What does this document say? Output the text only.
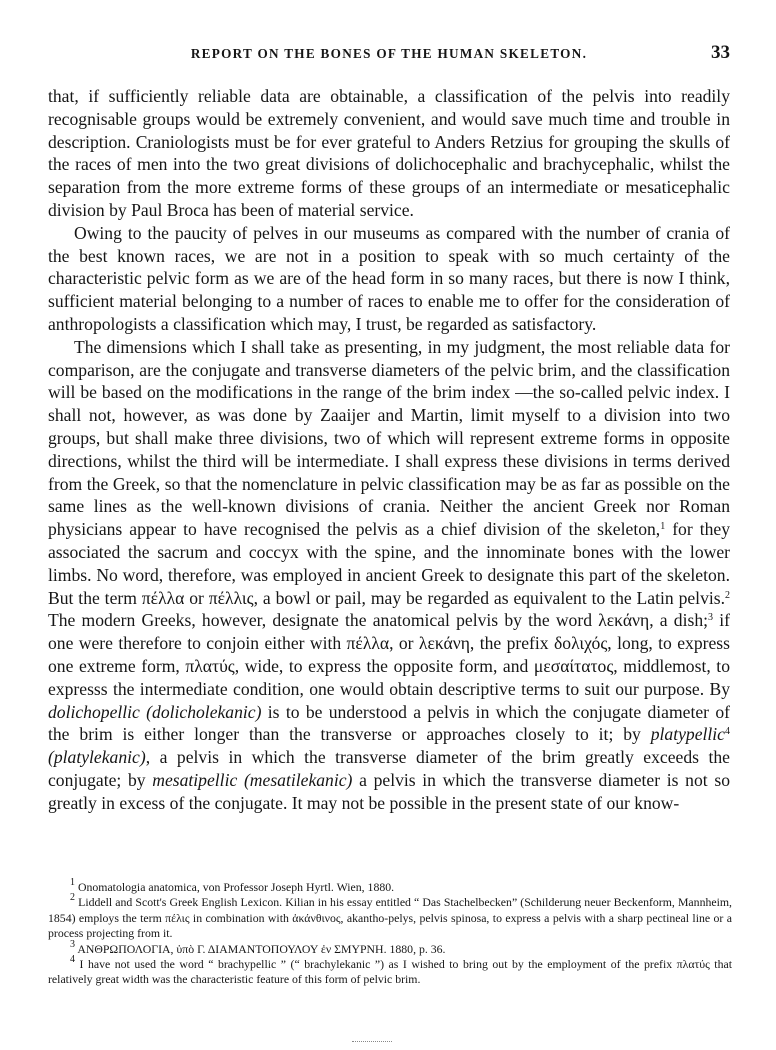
REPORT ON THE BONES OF THE HUMAN SKELETON.	33

that, if sufficiently reliable data are obtainable, a classification of the pelvis into readily recognisable groups would be extremely convenient, and would save much time and trouble in description. Craniologists must be for ever grateful to Anders Retzius for grouping the skulls of the races of men into the two great divisions of dolichocephalic and brachycephalic, whilst the separation from the more extreme forms of these groups of an intermediate or mesaticephalic division by Paul Broca has been of material service.

Owing to the paucity of pelves in our museums as compared with the number of crania of the best known races, we are not in a position to speak with so much certainty of the characteristic pelvic form as we are of the head form in so many races, but there is now I think, sufficient material belonging to a number of races to enable me to offer for the consideration of anthropologists a classification which may, I trust, be regarded as satisfactory.

The dimensions which I shall take as presenting, in my judgment, the most reliable data for comparison, are the conjugate and transverse diameters of the pelvic brim, and the classification will be based on the modifications in the range of the brim index —the so-called pelvic index. I shall not, however, as was done by Zaaijer and Martin, limit myself to a division into two groups, but shall make three divisions, two of which will represent extreme forms in opposite directions, whilst the third will be intermediate. I shall express these divisions in terms derived from the Greek, so that the nomenclature in pelvic classification may be as far as possible on the same lines as the well-known divisions of crania. Neither the ancient Greek nor Roman physicians appear to have recognised the pelvis as a chief division of the skeleton,$^1$ for they associated the sacrum and coccyx with the spine, and the innominate bones with the lower limbs. No word, therefore, was employed in ancient Greek to designate this part of the skeleton. But the term πέλλα or πέλλις, a bowl or pail, may be regarded as equivalent to the Latin pelvis.$^2$ The modern Greeks, however, designate the anatomical pelvis by the word λεκάνη, a dish;$^3$ if one were therefore to conjoin either with πέλλα, or λεκάνη, the prefix δολιχός, long, to express one extreme form, πλατύς, wide, to express the opposite form, and μεσαίτατος, middlemost, to expresss the intermediate condition, one would obtain descriptive terms to suit our purpose. By dolichopellic (dolicholekanic) is to be understood a pelvis in which the conjugate diameter of the brim is either longer than the transverse or approaches closely to it; by platypellic$^4$ (platylekanic), a pelvis in which the transverse diameter of the brim greatly exceeds the conjugate; by mesatipellic (mesatilekanic) a pelvis in which the transverse diameter is not so greatly in excess of the conjugate. It may not be possible in the present state of our know-

$^1$ Onomatologia anatomica, von Professor Joseph Hyrtl. Wien, 1880.

$^2$ Liddell and Scott's Greek English Lexicon. Kilian in his essay entitled “ Das Stachelbecken” (Schilderung neuer Beckenform, Mannheim, 1854) employs the term πέλις in combination with ἀκάνθινος, akantho-pelys, pelvis spinosa, to express a pelvis with a sharp pectineal line or a process projecting from it.

$^3$ ΑΝΘΡΩΠΟΛΟΓΙΑ, ὑπὸ Γ. ΔΙΑΜΑΝΤΟΠΟΥΛΟΥ ἐν ΣΜΥΡΝΗ. 1880, p. 36.

$^4$ I have not used the word “ brachypellic ” (“ brachylekanic ”) as I wished to bring out by the employment of the prefix πλατύς that relatively great width was the characteristic feature of this form of pelvic brim.
